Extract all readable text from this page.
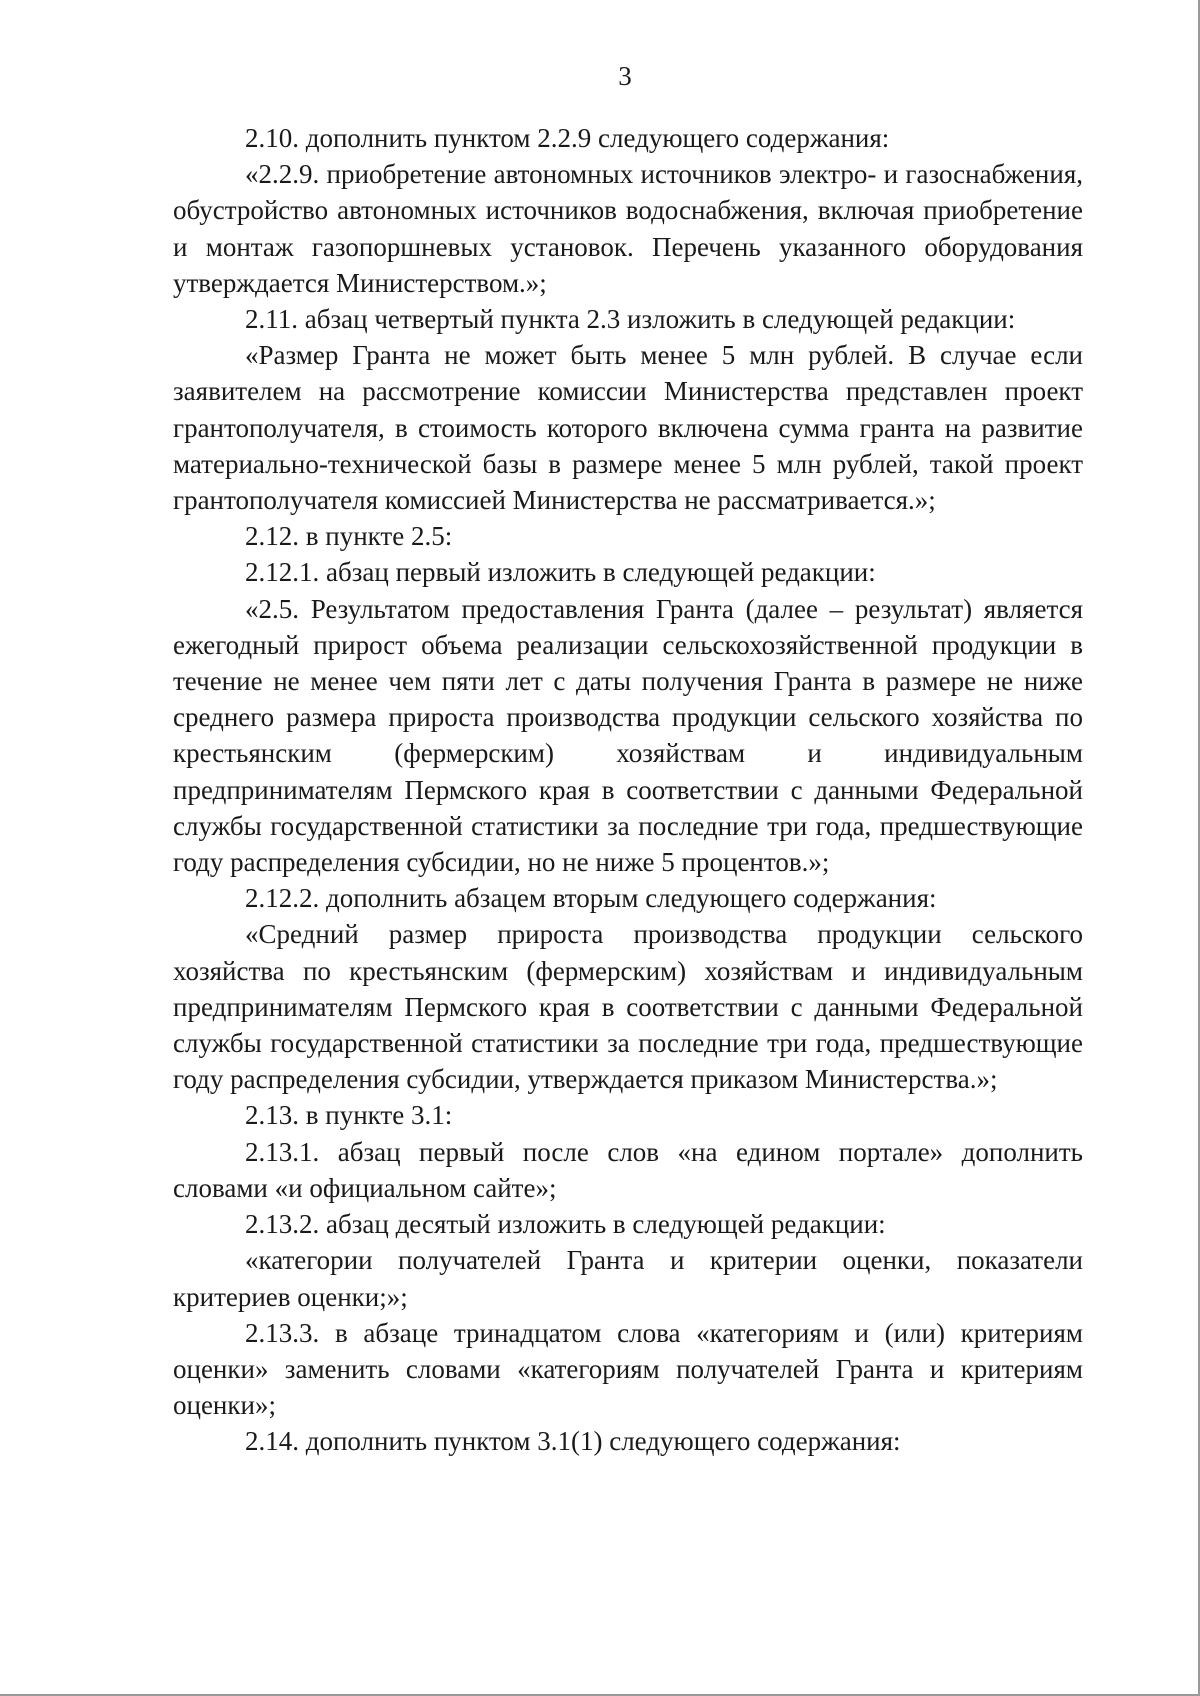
3

2.10. дополнить пунктом 2.2.9 следующего содержания:

«2.2.9. приобретение автономных источников электро- и газоснабжения, обустройство автономных источников водоснабжения, включая приобретение и монтаж газопоршневых установок. Перечень указанного оборудования утверждается Министерством.»;

2.11. абзац четвертый пункта 2.3 изложить в следующей редакции:

«Размер Гранта не может быть менее 5 млн рублей. В случае если заявителем на рассмотрение комиссии Министерства представлен проект грантополучателя, в стоимость которого включена сумма гранта на развитие материально-технической базы в размере менее 5 млн рублей, такой проект грантополучателя комиссией Министерства не рассматривается.»;

2.12. в пункте 2.5:

2.12.1. абзац первый изложить в следующей редакции:

«2.5. Результатом предоставления Гранта (далее – результат) является ежегодный прирост объема реализации сельскохозяйственной продукции в течение не менее чем пяти лет с даты получения Гранта в размере не ниже среднего размера прироста производства продукции сельского хозяйства по крестьянским (фермерским) хозяйствам и индивидуальным предпринимателям Пермского края в соответствии с данными Федеральной службы государственной статистики за последние три года, предшествующие году распределения субсидии, но не ниже 5 процентов.»;

2.12.2. дополнить абзацем вторым следующего содержания:

«Средний размер прироста производства продукции сельского хозяйства по крестьянским (фермерским) хозяйствам и индивидуальным предпринимателям Пермского края в соответствии с данными Федеральной службы государственной статистики за последние три года, предшествующие году распределения субсидии, утверждается приказом Министерства.»;

2.13. в пункте 3.1:

2.13.1. абзац первый после слов «на едином портале» дополнить словами «и официальном сайте»;

2.13.2. абзац десятый изложить в следующей редакции:

«категории получателей Гранта и критерии оценки, показатели критериев оценки;»;

2.13.3. в абзаце тринадцатом слова «категориям и (или) критериям оценки» заменить словами «категориям получателей Гранта и критериям оценки»;

2.14. дополнить пунктом 3.1(1) следующего содержания:
